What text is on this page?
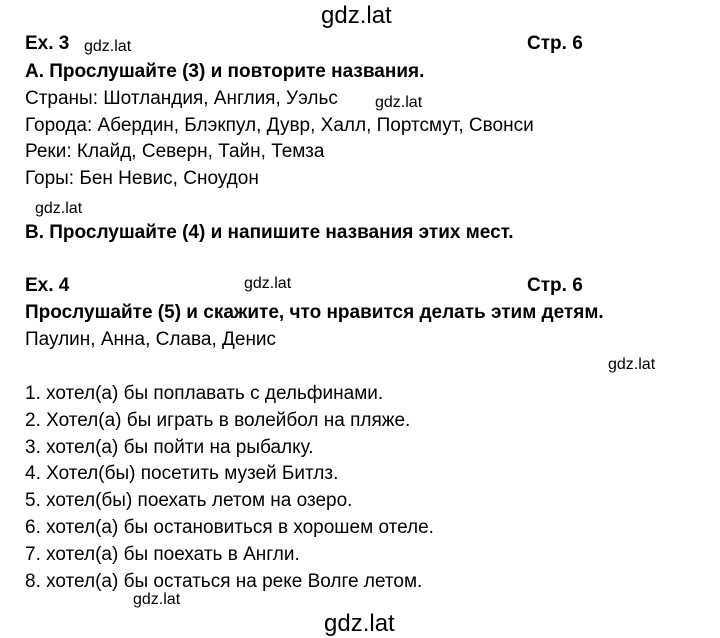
gdz.lat
gdz.lat
gdz.lat
gdz.lat
gdz.lat
gdz.lat
gdz.lat
gdz.lat
Ex. 3	Стр. 6
A. Прослушайте (3) и повторите названия.
Страны: Шотландия, Англия, Уэльс
Города: Абердин, Блэкпул, Дувр, Халл, Портсмут, Свонси
Реки: Клайд, Северн, Тайн, Темза
Горы: Бен Невис, Сноудон
B. Прослушайте (4) и напишите названия этих мест.
Ex. 4	Стр. 6
Прослушайте (5) и скажите, что нравится делать этим детям.
Паулин, Анна, Слава, Денис
1. хотел(а) бы поплавать с дельфинами.
2. Хотел(а) бы играть в волейбол на пляже.
3. хотел(а) бы пойти на рыбалку.
4. Хотел(бы) посетить музей Битлз.
5. хотел(бы) поехать летом на озеро.
6. хотел(а) бы остановиться в хорошем отеле.
7. хотел(а) бы поехать в Англи.
8. хотел(а) бы остаться на реке Волге летом.
